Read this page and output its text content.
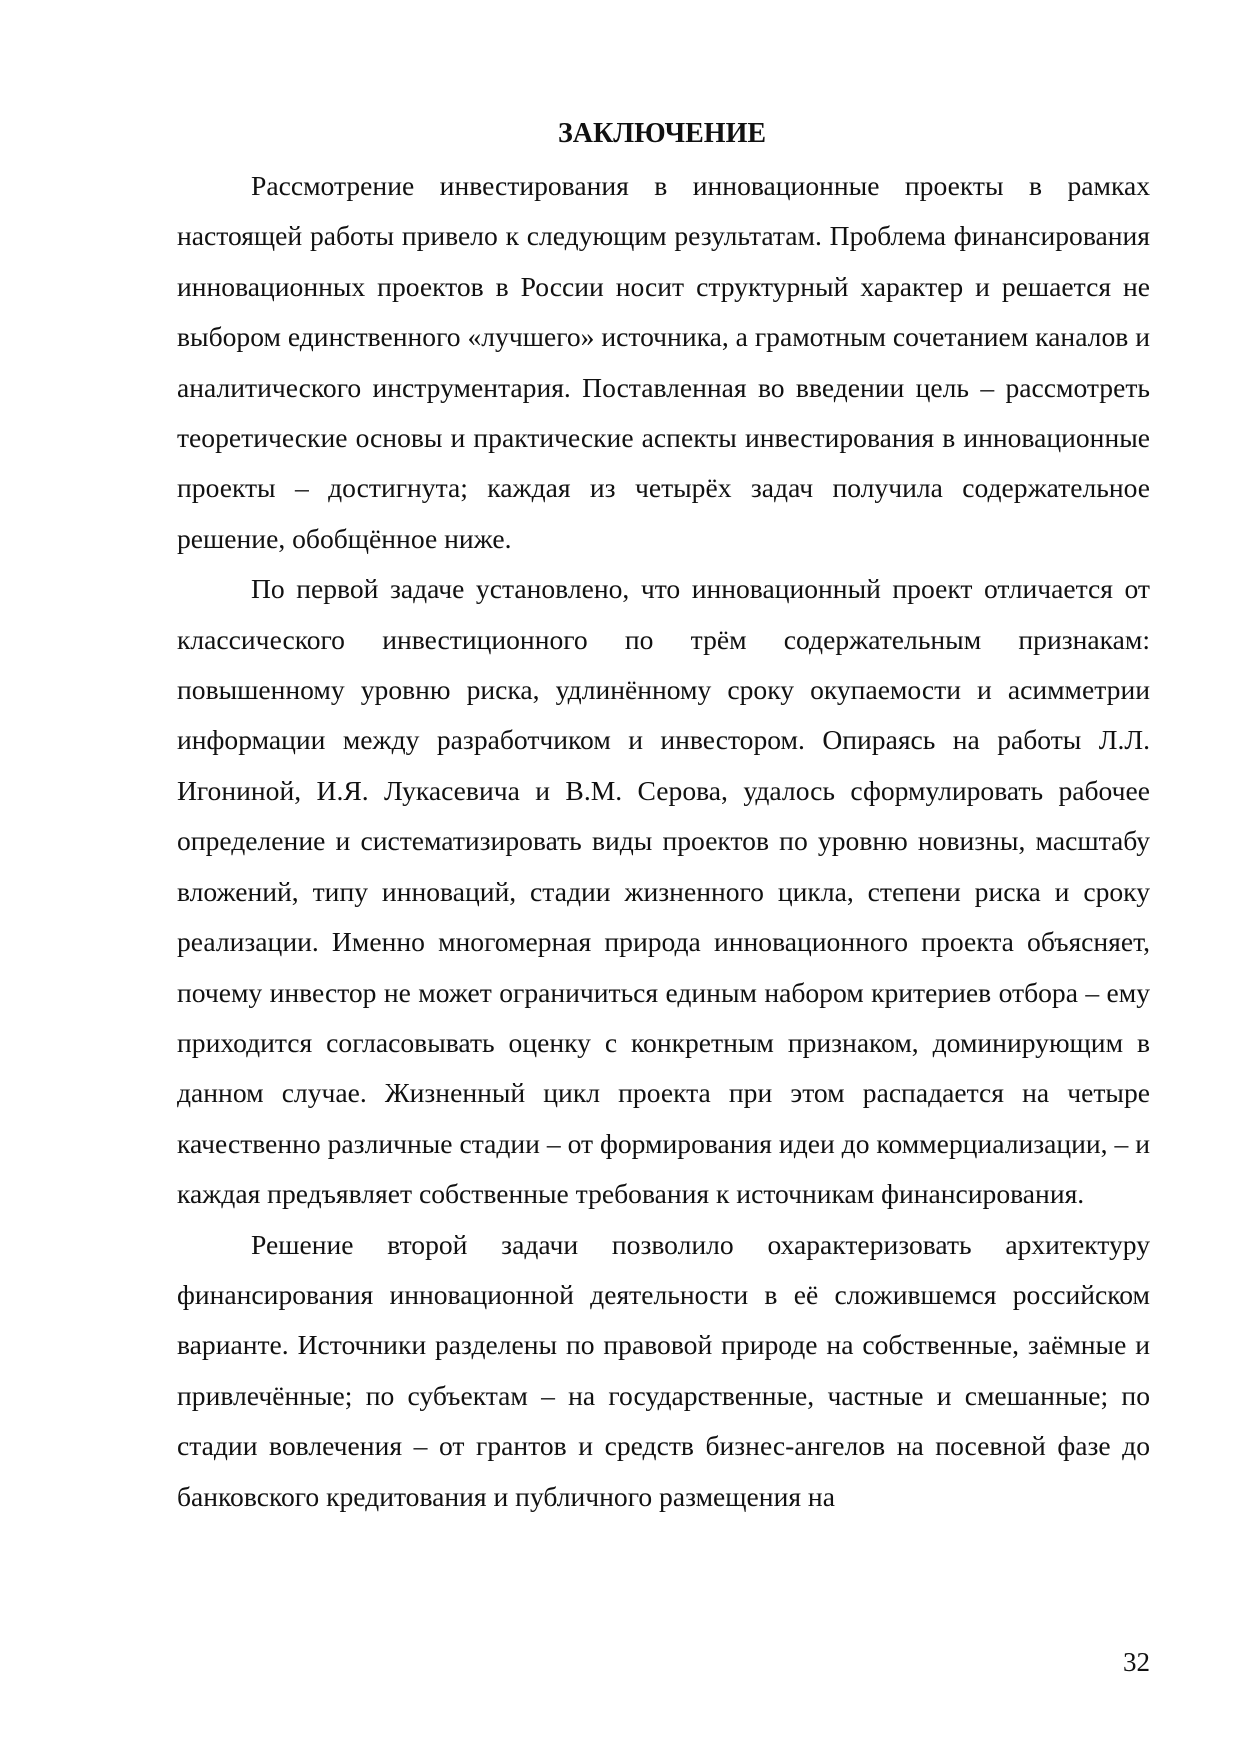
ЗАКЛЮЧЕНИЕ

Рассмотрение инвестирования в инновационные проекты в рамках настоящей работы привело к следующим результатам. Проблема финансирования инновационных проектов в России носит структурный характер и решается не выбором единственного «лучшего» источника, а грамотным сочетанием каналов и аналитического инструментария. Поставленная во введении цель – рассмотреть теоретические основы и практические аспекты инвестирования в инновационные проекты – достигнута; каждая из четырёх задач получила содержательное решение, обобщённое ниже.

По первой задаче установлено, что инновационный проект отличается от классического инвестиционного по трём содержательным признакам: повышенному уровню риска, удлинённому сроку окупаемости и асимметрии информации между разработчиком и инвестором. Опираясь на работы Л.Л. Игониной, И.Я. Лукасевича и В.М. Серова, удалось сформулировать рабочее определение и систематизировать виды проектов по уровню новизны, масштабу вложений, типу инноваций, стадии жизненного цикла, степени риска и сроку реализации. Именно многомерная природа инновационного проекта объясняет, почему инвестор не может ограничиться единым набором критериев отбора – ему приходится согласовывать оценку с конкретным признаком, доминирующим в данном случае. Жизненный цикл проекта при этом распадается на четыре качественно различные стадии – от формирования идеи до коммерциализации, – и каждая предъявляет собственные требования к источникам финансирования.

Решение второй задачи позволило охарактеризовать архитектуру финансирования инновационной деятельности в её сложившемся российском варианте. Источники разделены по правовой природе на собственные, заёмные и привлечённые; по субъектам – на государственные, частные и смешанные; по стадии вовлечения – от грантов и средств бизнес-ангелов на посевной фазе до банковского кредитования и публичного размещения на

32
